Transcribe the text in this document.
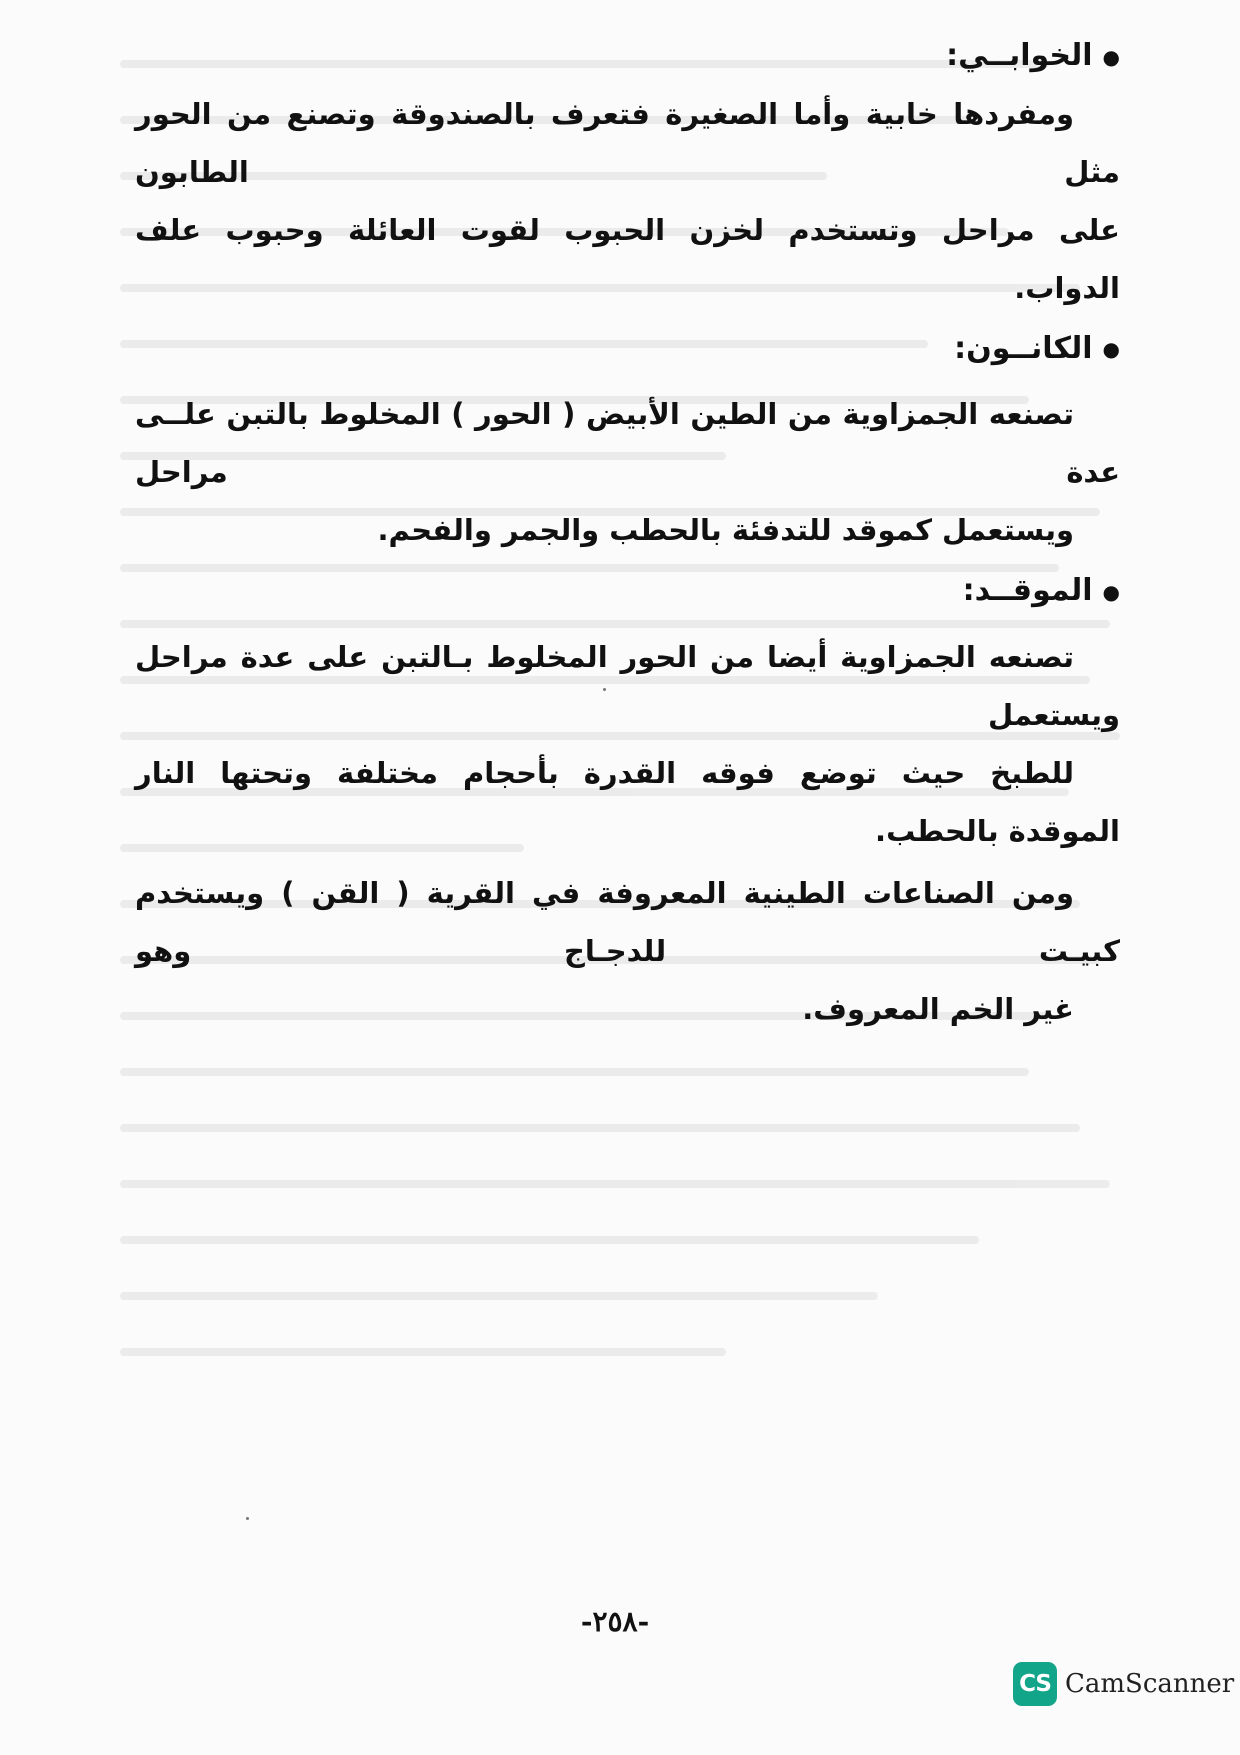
●الخوابــي:
ومفردها خابية وأما الصغيرة فتعرف بالصندوقة وتصنع من الحور مثل الطابون
على مراحل وتستخدم لخزن الحبوب لقوت العائلة وحبوب علف الدواب.
●الكانــون:
تصنعه الجمزاوية من الطين الأبيض ( الحور ) المخلوط بالتبن علــى عدة مراحل
ويستعمل كموقد للتدفئة بالحطب والجمر والفحم.
●الموقــد:
تصنعه الجمزاوية أيضا من الحور المخلوط بـالتبن على عدة مراحل ويستعمل
للطبخ حيث توضع فوقه القدرة بأحجام مختلفة وتحتها النار الموقدة بالحطب.
ومن الصناعات الطينية المعروفة في القرية ( القن ) ويستخدم كبيـت للدجـاج وهو
غير الخم المعروف.
-٢٥٨-
CS CamScanner
